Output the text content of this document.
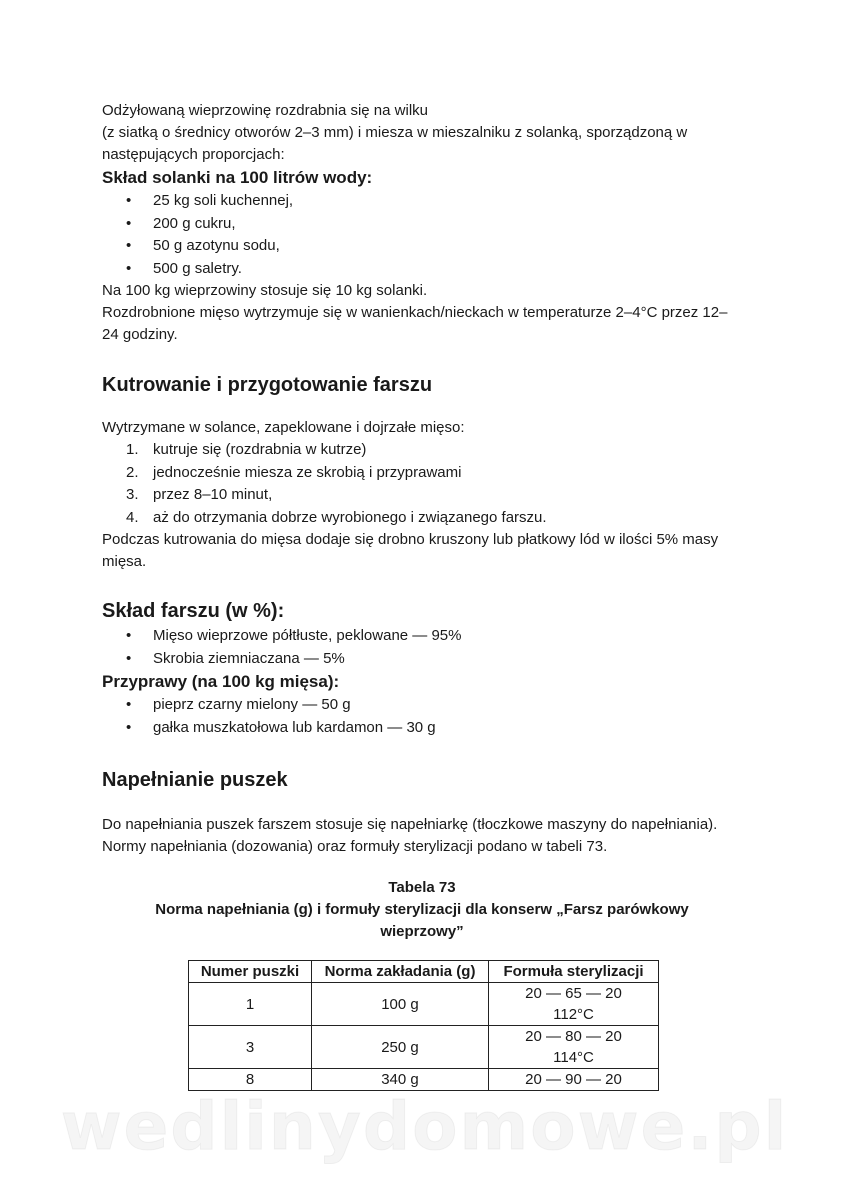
Odżyłowaną wieprzowinę rozdrabnia się na wilku

(z siatką o średnicy otworów 2–3 mm) i miesza w mieszalniku z solanką, sporządzoną w następujących proporcjach:

Skład solanki na 100 litrów wody:

• 25 kg soli kuchennej,
• 200 g cukru,
• 50 g azotynu sodu,
• 500 g saletry.

Na 100 kg wieprzowiny stosuje się 10 kg solanki.

Rozdrobnione mięso wytrzymuje się w wanienkach/nieckach w temperaturze 2–4°C przez 12–24 godziny.

Kutrowanie i przygotowanie farszu

Wytrzymane w solance, zapeklowane i dojrzałe mięso:

1. kutruje się (rozdrabnia w kutrze)
2. jednocześnie miesza ze skrobią i przyprawami
3. przez 8–10 minut,
4. aż do otrzymania dobrze wyrobionego i związanego farszu.

Podczas kutrowania do mięsa dodaje się drobno kruszony lub płatkowy lód w ilości 5% masy mięsa.

Skład farszu (w %):
• Mięso wieprzowe półtłuste, peklowane — 95%
• Skrobia ziemniaczana — 5%

Przyprawy (na 100 kg mięsa):

• pieprz czarny mielony — 50 g
• gałka muszkatołowa lub kardamon — 30 g
Napełnianie puszek

Do napełniania puszek farszem stosuje się napełniarkę (tłoczkowe maszyny do napełniania).

Normy napełniania (dozowania) oraz formuły sterylizacji podano w tabeli 73.

Tabela 73

Norma napełniania (g) i formuły sterylizacji dla konserw „Farsz parówkowy wieprzowy”

Numer puszki	Norma zakładania (g)	Formuła sterylizacji
1	100 g	20 — 65 — 20
112°C

3	250 g	20 — 80 — 20
114°C

8	340 g	20 — 90 — 20
wedlinydomowe.pl
